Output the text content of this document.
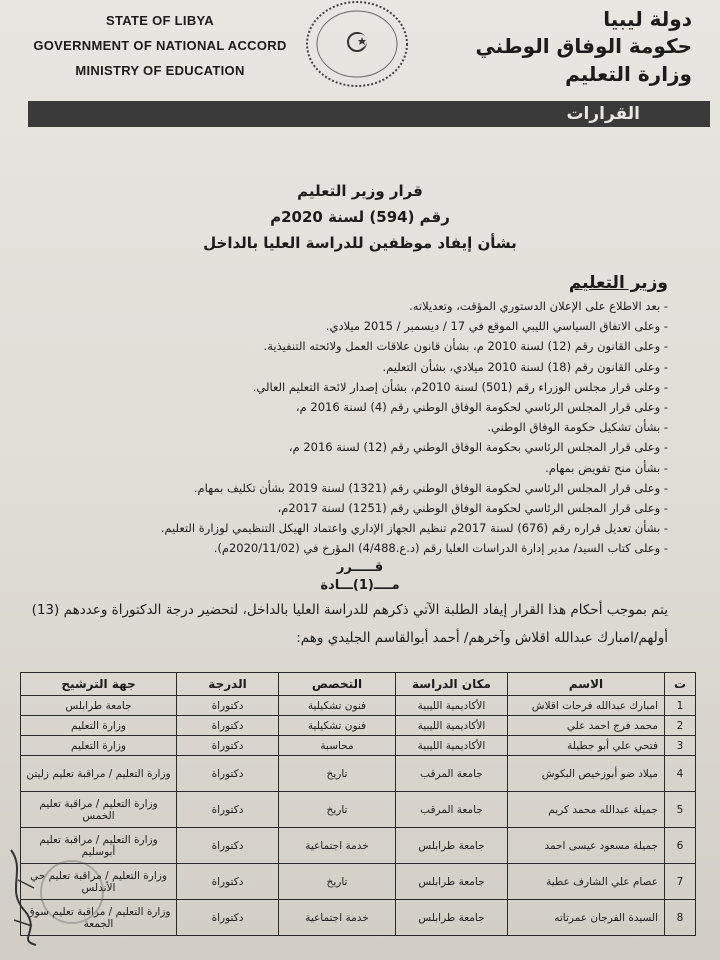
STATE OF LIBYA
GOVERNMENT OF NATIONAL ACCORD
MINISTRY OF EDUCATION
دولة ليبيا
حكومة الوفاق الوطني
وزارة التعليم
القرارات
قرار وزير التعليم
رقم (594) لسنة 2020م
بشأن إيفاد موظفين للدراسة العليا بالداخل
وزير التعليم
- بعد الاطلاع على الإعلان الدستوري المؤقت، وتعديلاته.
- وعلى الاتفاق السياسي الليبي الموقع في 17 / ديسمبر / 2015 ميلادي.
- وعلى القانون رقم (12) لسنة 2010 م، بشأن قانون علاقات العمل ولائحته التنفيذية.
- وعلى القانون رقم (18) لسنة 2010 ميلادي، بشأن التعليم.
- وعلى قرار مجلس الوزراء رقم (501) لسنة 2010م، بشأن إصدار لائحة التعليم العالي.
- وعلى قرار المجلس الرئاسي لحكومة الوفاق الوطني رقم (4) لسنة 2016 م،
- بشأن تشكيل حكومة الوفاق الوطني.
- وعلى قرار المجلس الرئاسي بحكومة الوفاق الوطني رقم (12) لسنة 2016 م،
- بشأن منح تفويض بمهام.
- وعلى قرار المجلس الرئاسي لحكومة الوفاق الوطني رقم (1321) لسنة 2019 بشأن تكليف بمهام.
- وعلى قرار المجلس الرئاسي لحكومة الوفاق الوطني رقم (1251) لسنة 2017م،
- بشأن تعديل قراره رقم (676) لسنة 2017م تنظيم الجهاز الإداري واعتماد الهيكل التنظيمي لوزارة التعليم.
- وعلى كتاب السيد/ مدير إدارة الدراسات العليا رقم (د.ع.4/488) المؤرخ في (2020/11/02م).
قـــــرر
مــــ(1)ـــادة
يتم بموجب أحكام هذا القرار إيفاد الطلبة الآتي ذكرهم للدراسة العليا بالداخل، لتحضير درجة الدكتوراة وعددهم (13) أولهم/امبارك عبدالله اقلاش وآخرهم/ أحمد أبوالقاسم الجليدي وهم:
ت	الاسم	مكان الدراسة	التخصص	الدرجة	جهة الترشيح
1	امبارك عبدالله فرحات اقلاش	الأكاديمية الليبية	فنون تشكيلية	دكتوراة	جامعة طرابلس
2	محمد فرج احمد علي	الأكاديمية الليبية	فنون تشكيلية	دكتوراة	وزارة التعليم
3	فتحي علي أبو جطيلة	الأكاديمية الليبية	محاسبة	دكتوراة	وزارة التعليم
4	ميلاد ضو أبوزخيص البكوش	جامعة المرقب	تاريخ	دكتوراة	وزارة التعليم / مراقبة تعليم زليتن
5	جميلة عبدالله محمد كريم	جامعة المرقب	تاريخ	دكتوراة	وزارة التعليم / مراقبة تعليم الخمس
6	جميلة مسعود عيسى احمد	جامعة طرابلس	خدمة اجتماعية	دكتوراة	وزارة التعليم / مراقبة تعليم أبوسليم
7	عصام علي الشارف عطية	جامعة طرابلس	تاريخ	دكتوراة	وزارة التعليم / مراقبة تعليم حي الأندلس
8	السيدة الفرجان عمرتاته	جامعة طرابلس	خدمة اجتماعية	دكتوراة	وزارة التعليم / مراقبة تعليم سوق الجمعة
